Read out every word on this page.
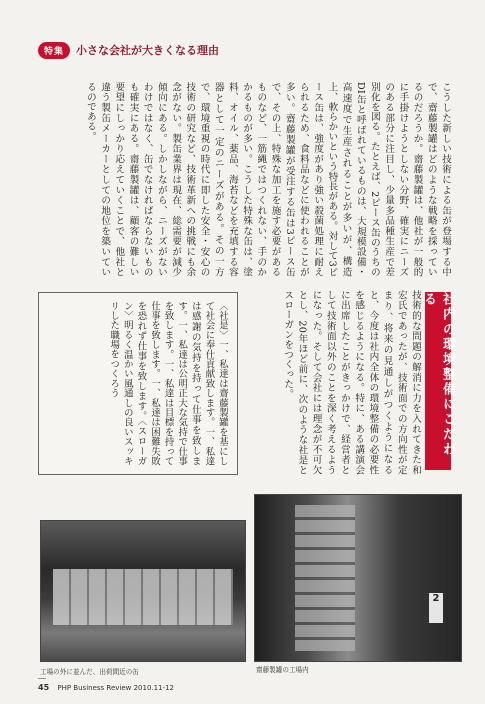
特集	小さな会社が大きくなる理由
こうした新しい技術による缶が登場する中で、齋藤製罐はどのような戦略を採っているのだろうか。齋藤製罐は、他社が一般的に手掛けようとしない分野、確実にニーズのある部分に注目し、少量多品種生産で差別化を図る。たとえば、2ピース缶のうちのDI缶と呼ばれているものは、大規模設備・高速度で生産されることが多いが、構造上、軟らかいという特長がある。対して3ピース缶は、強度があり強い殺菌処理に耐えられるため、食料品などに使われることが多い。齋藤製罐が受注する缶は3ピース缶で、その上、特殊な加工を施す必要があるものなど、一筋縄ではつくれない、手のかかるものが多い。こうした特殊な缶は、塗料、オイル、薬品、海苔などを充填する容器として一定のニーズがある。その一方で、環境重視の時代に即した安全・安心の技術の研究など、技術革新への挑戦にも余念がない。製缶業界は現在、総需要が減少傾向にある。しかしながら、ニーズがないわけではなく、缶でなければならないものも確実にある。齋藤製罐は、顧客の難しい要望にしっかり応えていくことで、他社と違う製缶メーカーとしての地位を築いているのである。
社内の環境整備にこだわる
技術的な問題の解消に力を入れてきた和宏氏であったが、技術面での方向性が定まり、将来の見通しがつくようになると、今度は社内全体の環境整備の必要性を感じるようになる。特に、ある講演会に出席したことがきっかけで、経営者として技術面以外のことを深く考えるようになった。そして会社には理念が不可欠とし、20年ほど前に、次のような社是とスローガンをつくった。
〈社是〉一、私達は齋藤製罐を基にして社会に奉仕貢献致します。一、私達は感謝の気持を持って仕事を致します。一、私達は公明正大な気持で仕事を致します。一、私達は目標を持って仕事を致します。一、私達は困難失敗を恐れず仕事を致します。〈スローガン〉明るく温かい風通しの良いスッキリした職場をつくろう
工場の外に並んだ、出荷間近の缶
2	齋藤製罐の工場内
45 PHP Business Review 2010.11-12
